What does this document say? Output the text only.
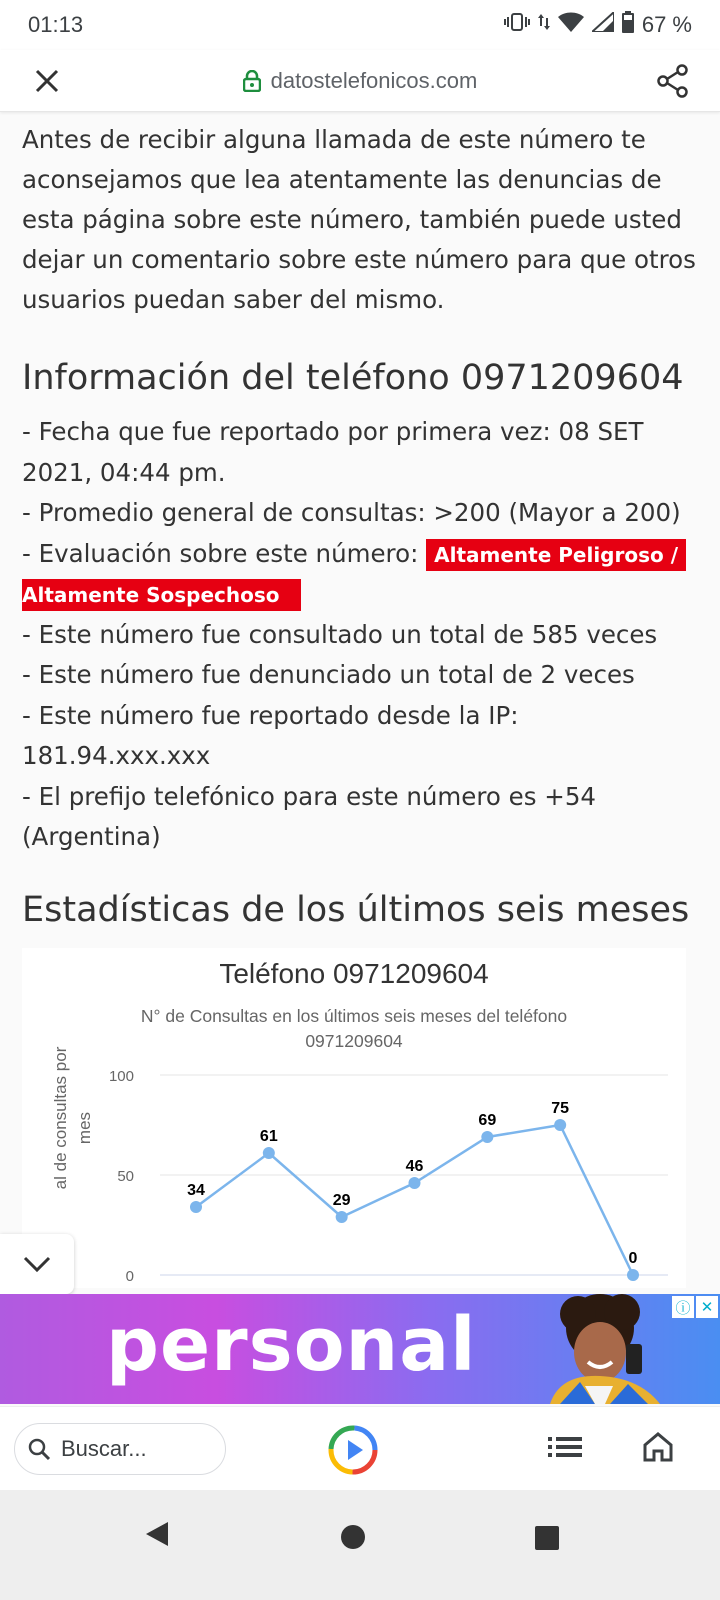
01:13	67 %
datostelefonicos.com

Antes de recibir alguna llamada de este número te aconsejamos que lea atentamente las denuncias de esta página sobre este número, también puede usted dejar un comentario sobre este número para que otros usuarios puedan saber del mismo.

Información del teléfono 0971209604
- Fecha que fue reportado por primera vez: 08 SET 2021, 04:44 pm.
- Promedio general de consultas: >200 (Mayor a 200)
- Evaluación sobre este número: Altamente Peligroso /
Altamente Sospechoso
- Este número fue consultado un total de 585 veces
- Este número fue denunciado un total de 2 veces
- Este número fue reportado desde la IP: 181.94.xxx.xxx
- El prefijo telefónico para este número es +54 (Argentina)
Estadísticas de los últimos seis meses
Teléfono 0971209604
N° de Consultas en los últimos seis meses del teléfono 0971209604
100
50
0
al de consultas por mes
34
61
29
46
69
75
0
personal	ⓘ ✕
Buscar...
